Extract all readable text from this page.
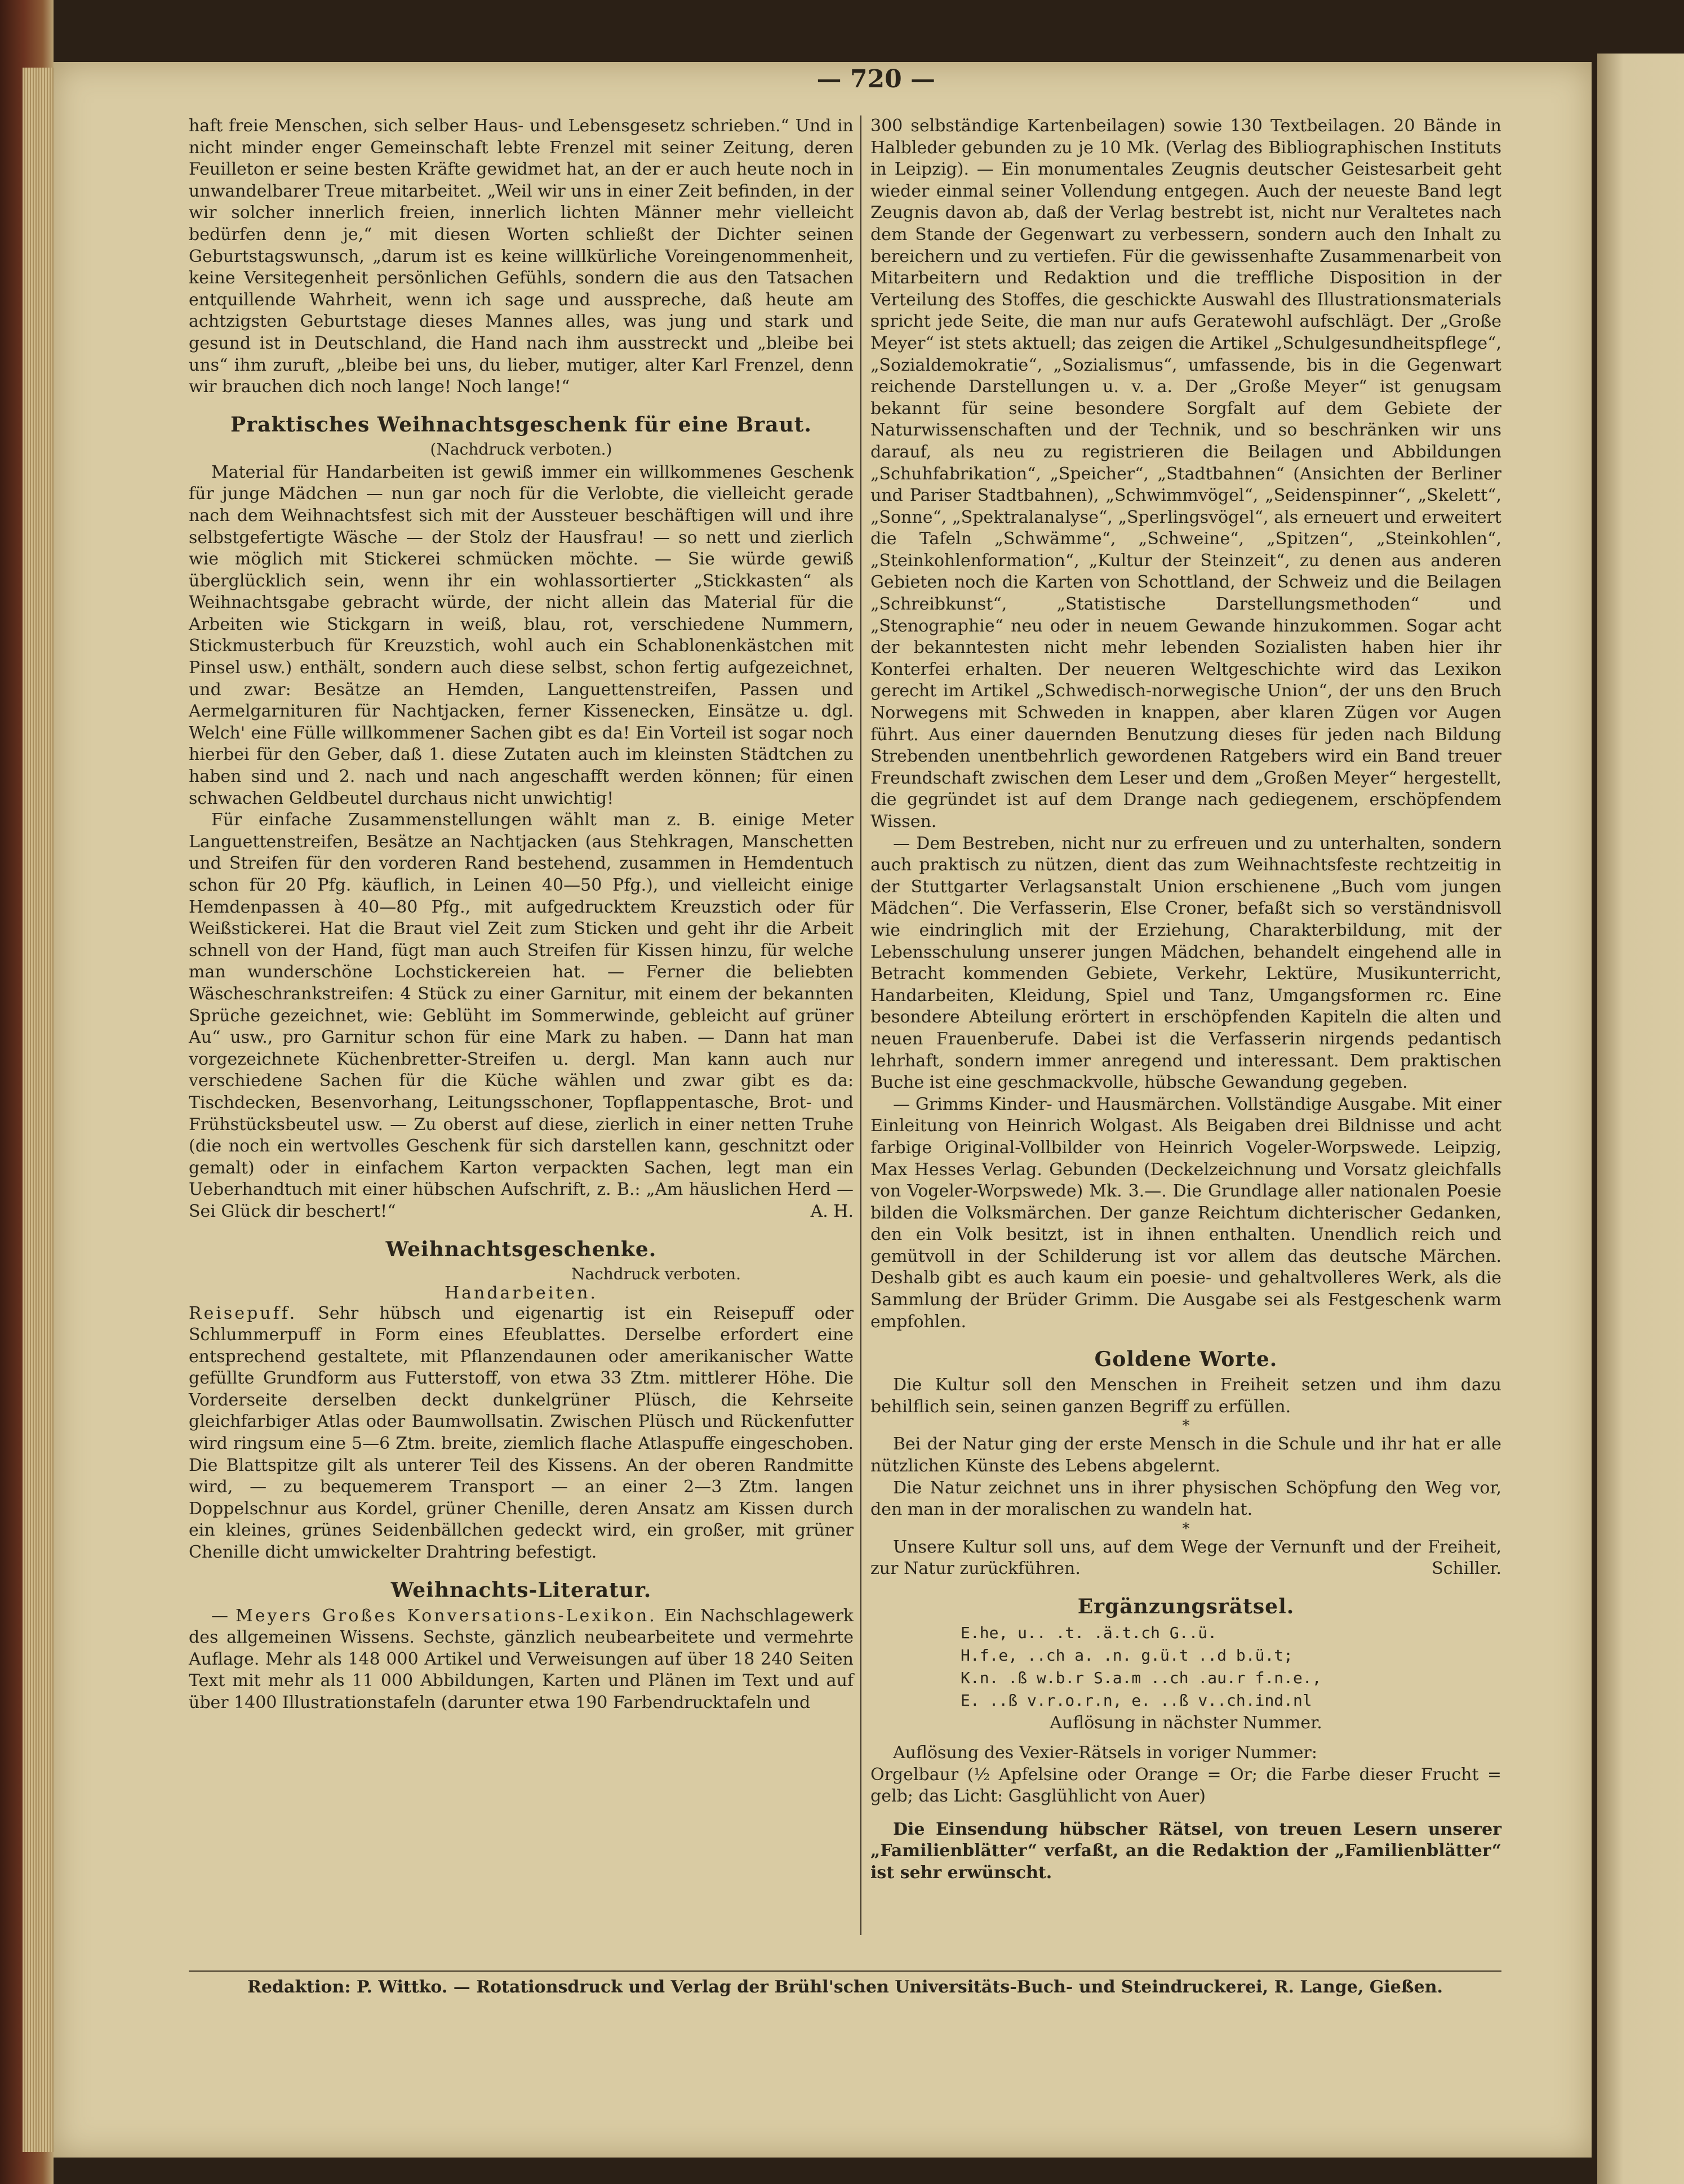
— 720 —

haft freie Menschen, sich selber Haus- und Lebensgesetz schrieben.“ Und in nicht minder enger Gemeinschaft lebte Frenzel mit seiner Zeitung, deren Feuilleton er seine besten Kräfte gewidmet hat, an der er auch heute noch in unwandelbarer Treue mitarbeitet. „Weil wir uns in einer Zeit befinden, in der wir solcher innerlich freien, innerlich lichten Männer mehr vielleicht bedürfen denn je,“ mit diesen Worten schließt der Dichter seinen Geburtstagswunsch, „darum ist es keine willkürliche Voreingenommenheit, keine Versitegenheit persönlichen Gefühls, sondern die aus den Tatsachen entquillende Wahrheit, wenn ich sage und ausspreche, daß heute am achtzigsten Geburtstage dieses Mannes alles, was jung und stark und gesund ist in Deutschland, die Hand nach ihm ausstreckt und „bleibe bei uns“ ihm zuruft, „bleibe bei uns, du lieber, mutiger, alter Karl Frenzel, denn wir brauchen dich noch lange! Noch lange!“

Praktisches Weihnachtsgeschenk für eine Braut.
(Nachdruck verboten.)

Material für Handarbeiten ist gewiß immer ein willkommenes Geschenk für junge Mädchen — nun gar noch für die Verlobte, die vielleicht gerade nach dem Weihnachtsfest sich mit der Aussteuer beschäftigen will und ihre selbstgefertigte Wäsche — der Stolz der Hausfrau! — so nett und zierlich wie möglich mit Stickerei schmücken möchte. — Sie würde gewiß überglücklich sein, wenn ihr ein wohlassortierter „Stickkasten“ als Weihnachtsgabe gebracht würde, der nicht allein das Material für die Arbeiten wie Stickgarn in weiß, blau, rot, verschiedene Nummern, Stickmusterbuch für Kreuzstich, wohl auch ein Schablonenkästchen mit Pinsel usw.) enthält, sondern auch diese selbst, schon fertig aufgezeichnet, und zwar: Besätze an Hemden, Languettenstreifen, Passen und Aermelgarnituren für Nachtjacken, ferner Kissenecken, Einsätze u. dgl. Welch' eine Fülle willkommener Sachen gibt es da! Ein Vorteil ist sogar noch hierbei für den Geber, daß 1. diese Zutaten auch im kleinsten Städtchen zu haben sind und 2. nach und nach angeschafft werden können; für einen schwachen Geldbeutel durchaus nicht unwichtig!

Für einfache Zusammenstellungen wählt man z. B. einige Meter Languettenstreifen, Besätze an Nachtjacken (aus Stehkragen, Manschetten und Streifen für den vorderen Rand bestehend, zusammen in Hemdentuch schon für 20 Pfg. käuflich, in Leinen 40—50 Pfg.), und vielleicht einige Hemdenpassen à 40—80 Pfg., mit aufgedrucktem Kreuzstich oder für Weißstickerei. Hat die Braut viel Zeit zum Sticken und geht ihr die Arbeit schnell von der Hand, fügt man auch Streifen für Kissen hinzu, für welche man wunderschöne Lochstickereien hat. — Ferner die beliebten Wäscheschrankstreifen: 4 Stück zu einer Garnitur, mit einem der bekannten Sprüche gezeichnet, wie: Geblüht im Sommerwinde, gebleicht auf grüner Au“ usw., pro Garnitur schon für eine Mark zu haben. — Dann hat man vorgezeichnete Küchenbretter-Streifen u. dergl. Man kann auch nur verschiedene Sachen für die Küche wählen und zwar gibt es da: Tischdecken, Besenvorhang, Leitungsschoner, Topflappentasche, Brot- und Frühstücksbeutel usw. — Zu oberst auf diese, zierlich in einer netten Truhe (die noch ein wertvolles Geschenk für sich darstellen kann, geschnitzt oder gemalt) oder in einfachem Karton verpackten Sachen, legt man ein Ueberhandtuch mit einer hübschen Aufschrift, z. B.: „Am häuslichen Herd — Sei Glück dir beschert!“	A. H.

Weihnachtsgeschenke.
Nachdruck verboten.
Handarbeiten.

Reisepuff. Sehr hübsch und eigenartig ist ein Reisepuff oder Schlummerpuff in Form eines Efeublattes. Derselbe erfordert eine entsprechend gestaltete, mit Pflanzendaunen oder amerikanischer Watte gefüllte Grundform aus Futterstoff, von etwa 33 Ztm. mittlerer Höhe. Die Vorderseite derselben deckt dunkelgrüner Plüsch, die Kehrseite gleichfarbiger Atlas oder Baumwollsatin. Zwischen Plüsch und Rückenfutter wird ringsum eine 5—6 Ztm. breite, ziemlich flache Atlaspuffe eingeschoben. Die Blattspitze gilt als unterer Teil des Kissens. An der oberen Randmitte wird, — zu bequemerem Transport — an einer 2—3 Ztm. langen Doppelschnur aus Kordel, grüner Chenille, deren Ansatz am Kissen durch ein kleines, grünes Seidenbällchen gedeckt wird, ein großer, mit grüner Chenille dicht umwickelter Drahtring befestigt.

Weihnachts-Literatur.

— Meyers Großes Konversations-Lexikon. Ein Nachschlagewerk des allgemeinen Wissens. Sechste, gänzlich neubearbeitete und vermehrte Auflage. Mehr als 148 000 Artikel und Verweisungen auf über 18 240 Seiten Text mit mehr als 11 000 Abbildungen, Karten und Plänen im Text und auf über 1400 Illustrationstafeln (darunter etwa 190 Farbendrucktafeln und

300 selbständige Kartenbeilagen) sowie 130 Textbeilagen. 20 Bände in Halbleder gebunden zu je 10 Mk. (Verlag des Bibliographischen Instituts in Leipzig). — Ein monumentales Zeugnis deutscher Geistesarbeit geht wieder einmal seiner Vollendung entgegen. Auch der neueste Band legt Zeugnis davon ab, daß der Verlag bestrebt ist, nicht nur Veraltetes nach dem Stande der Gegenwart zu verbessern, sondern auch den Inhalt zu bereichern und zu vertiefen. Für die gewissenhafte Zusammenarbeit von Mitarbeitern und Redaktion und die treffliche Disposition in der Verteilung des Stoffes, die geschickte Auswahl des Illustrationsmaterials spricht jede Seite, die man nur aufs Geratewohl aufschlägt. Der „Große Meyer“ ist stets aktuell; das zeigen die Artikel „Schulgesundheitspflege“, „Sozialdemokratie“, „Sozialismus“, umfassende, bis in die Gegenwart reichende Darstellungen u. v. a. Der „Große Meyer“ ist genugsam bekannt für seine besondere Sorgfalt auf dem Gebiete der Naturwissenschaften und der Technik, und so beschränken wir uns darauf, als neu zu registrieren die Beilagen und Abbildungen „Schuhfabrikation“, „Speicher“, „Stadtbahnen“ (Ansichten der Berliner und Pariser Stadtbahnen), „Schwimmvögel“, „Seidenspinner“, „Skelett“, „Sonne“, „Spektralanalyse“, „Sperlingsvögel“, als erneuert und erweitert die Tafeln „Schwämme“, „Schweine“, „Spitzen“, „Steinkohlen“, „Steinkohlenformation“, „Kultur der Steinzeit“, zu denen aus anderen Gebieten noch die Karten von Schottland, der Schweiz und die Beilagen „Schreibkunst“, „Statistische Darstellungsmethoden“ und „Stenographie“ neu oder in neuem Gewande hinzukommen. Sogar acht der bekanntesten nicht mehr lebenden Sozialisten haben hier ihr Konterfei erhalten. Der neueren Weltgeschichte wird das Lexikon gerecht im Artikel „Schwedisch-norwegische Union“, der uns den Bruch Norwegens mit Schweden in knappen, aber klaren Zügen vor Augen führt. Aus einer dauernden Benutzung dieses für jeden nach Bildung Strebenden unentbehrlich gewordenen Ratgebers wird ein Band treuer Freundschaft zwischen dem Leser und dem „Großen Meyer“ hergestellt, die gegründet ist auf dem Drange nach gediegenem, erschöpfendem Wissen.

— Dem Bestreben, nicht nur zu erfreuen und zu unterhalten, sondern auch praktisch zu nützen, dient das zum Weihnachtsfeste rechtzeitig in der Stuttgarter Verlagsanstalt Union erschienene „Buch vom jungen Mädchen“. Die Verfasserin, Else Croner, befaßt sich so verständnisvoll wie eindringlich mit der Erziehung, Charakterbildung, mit der Lebensschulung unserer jungen Mädchen, behandelt eingehend alle in Betracht kommenden Gebiete, Verkehr, Lektüre, Musikunterricht, Handarbeiten, Kleidung, Spiel und Tanz, Umgangsformen rc. Eine besondere Abteilung erörtert in erschöpfenden Kapiteln die alten und neuen Frauenberufe. Dabei ist die Verfasserin nirgends pedantisch lehrhaft, sondern immer anregend und interessant. Dem praktischen Buche ist eine geschmackvolle, hübsche Gewandung gegeben.

— Grimms Kinder- und Hausmärchen. Vollständige Ausgabe. Mit einer Einleitung von Heinrich Wolgast. Als Beigaben drei Bildnisse und acht farbige Original-Vollbilder von Heinrich Vogeler-Worpswede. Leipzig, Max Hesses Verlag. Gebunden (Deckelzeichnung und Vorsatz gleichfalls von Vogeler-Worpswede) Mk. 3.—. Die Grundlage aller nationalen Poesie bilden die Volksmärchen. Der ganze Reichtum dichterischer Gedanken, den ein Volk besitzt, ist in ihnen enthalten. Unendlich reich und gemütvoll in der Schilderung ist vor allem das deutsche Märchen. Deshalb gibt es auch kaum ein poesie- und gehaltvolleres Werk, als die Sammlung der Brüder Grimm. Die Ausgabe sei als Festgeschenk warm empfohlen.

Goldene Worte.

Die Kultur soll den Menschen in Freiheit setzen und ihm dazu behilflich sein, seinen ganzen Begriff zu erfüllen.

*

Bei der Natur ging der erste Mensch in die Schule und ihr hat er alle nützlichen Künste des Lebens abgelernt.

Die Natur zeichnet uns in ihrer physischen Schöpfung den Weg vor, den man in der moralischen zu wandeln hat.

*

Unsere Kultur soll uns, auf dem Wege der Vernunft und der Freiheit, zur Natur zurückführen.	Schiller.

Ergänzungsrätsel.
E.he, u.. .t. .ä.t.ch G..ü.
H.f.e, ..ch a. .n. g.ü.t ..d b.ü.t;
K.n. .ß w.b.r S.a.m ..ch .au.r f.n.e.,
E. ..ß v.r.o.r.n, e. ..ß v..ch.ind.nl
Auflösung in nächster Nummer.

Auflösung des Vexier-Rätsels in voriger Nummer:

Orgelbaur (½ Apfelsine oder Orange = Or; die Farbe dieser Frucht = gelb; das Licht: Gasglühlicht von Auer)

Die Einsendung hübscher Rätsel, von treuen Lesern unserer „Familienblätter“ verfaßt, an die Redaktion der „Familienblätter“ ist sehr erwünscht.

Redaktion: P. Wittko. — Rotationsdruck und Verlag der Brühl'schen Universitäts-Buch- und Steindruckerei, R. Lange, Gießen.
